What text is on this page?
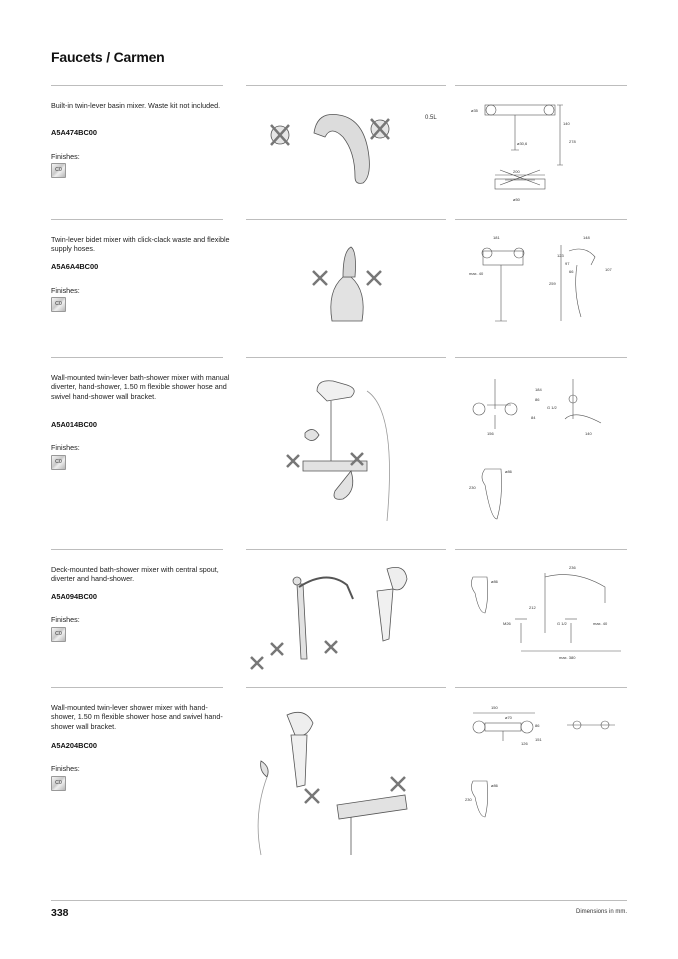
Faucets / Carmen
Built-in twin-lever basin mixer. Waste kit not included.
A5A474BC00
Finishes:
C0
0.5L
ø35
140
278
ø30,6
200
ø50
Twin-lever bidet mixer with click-clack waste and flexible supply hoses.
A5A6A4BC00
Finishes:
C0
181	148
123
97
66	107
max. 40
259
Wall-mounted twin-lever bath-shower mixer with manual diverter, hand-shower, 1.50 m flexible shower hose and swivel hand-shower wall bracket.
A5A014BC00
Finishes:
C0
184
86
84
156	140
G 1/2
230
ø86
Deck-mounted bath-shower mixer with central spout, diverter and hand-shower.
A5A094BC00
Finishes:
C0
ø86
236
212
M26	G 1/2	max. 40
max. 380
Wall-mounted twin-lever shower mixer with hand-shower, 1.50 m flexible shower hose and swivel hand-shower wall bracket.
A5A204BC00
Finishes:
C0
150
ø70
86
126
151
230
ø86
338	Dimensions in mm.
